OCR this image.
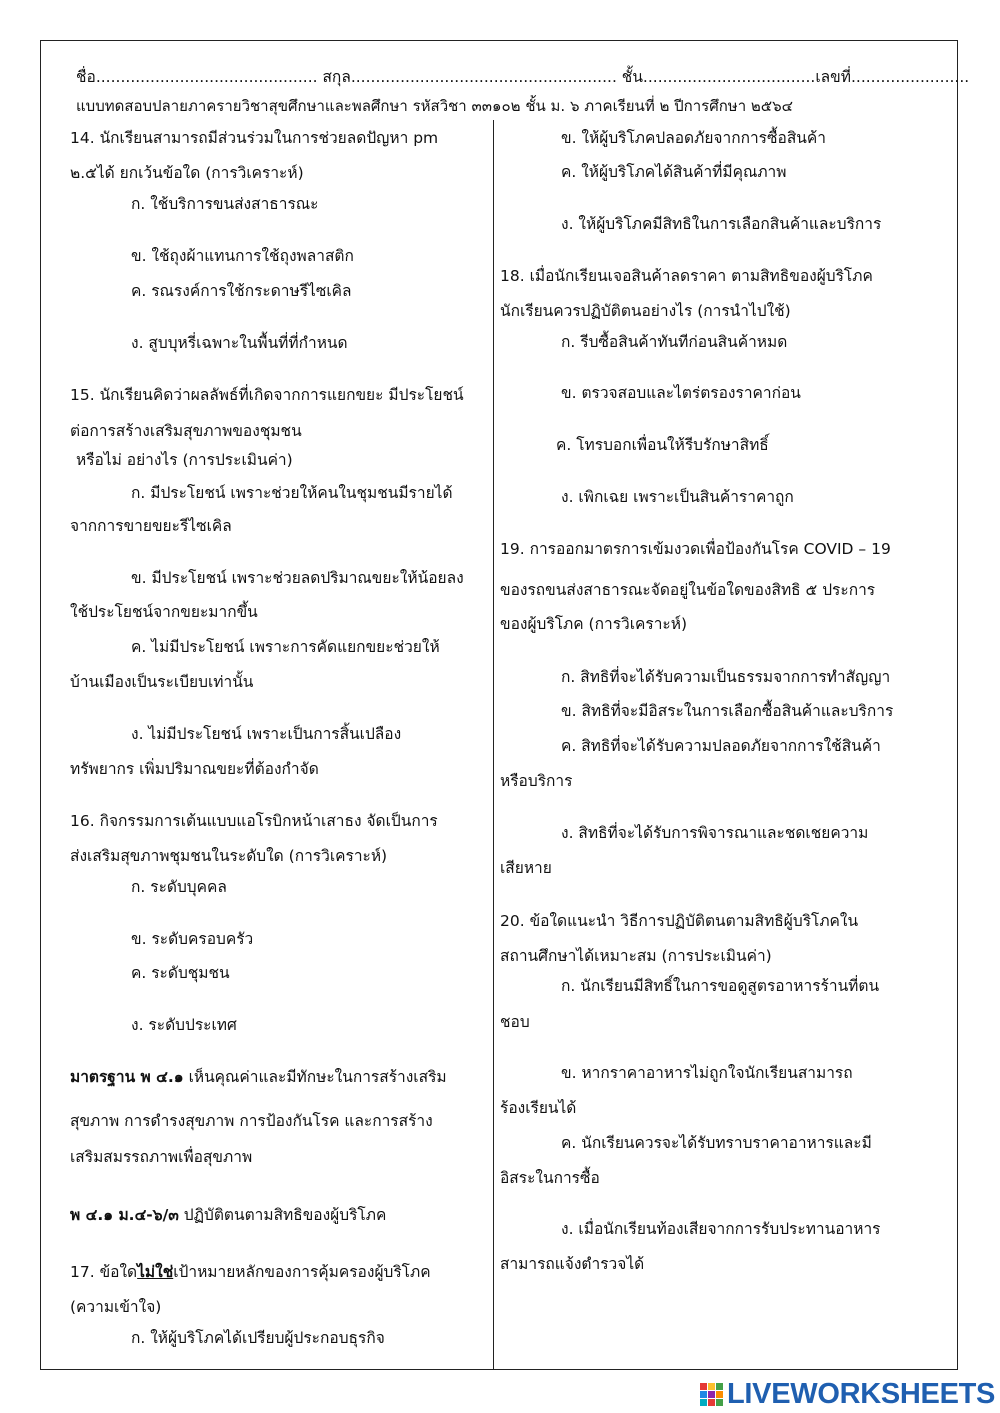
ชื่อ............................................. สกุล...................................................... ชั้น...................................เลขที่........................
แบบทดสอบปลายภาครายวิชาสุขศึกษาและพลศึกษา รหัสวิชา ๓๓๑๐๒ ชั้น ม. ๖ ภาคเรียนที่ ๒ ปีการศึกษา ๒๕๖๔
14. นักเรียนสามารถมีส่วนร่วมในการช่วยลดปัญหา pm
๒.๕ได้ ยกเว้นข้อใด (การวิเคราะห์)
ก. ใช้บริการขนส่งสาธารณะ
ข. ใช้ถุงผ้าแทนการใช้ถุงพลาสติก
ค. รณรงค์การใช้กระดาษรีไซเคิล
ง. สูบบุหรี่เฉพาะในพื้นที่ที่กำหนด
15. นักเรียนคิดว่าผลลัพธ์ที่เกิดจากการแยกขยะ มีประโยชน์
ต่อการสร้างเสริมสุขภาพของชุมชน
หรือไม่ อย่างไร (การประเมินค่า)
ก. มีประโยชน์ เพราะช่วยให้คนในชุมชนมีรายได้
จากการขายขยะรีไซเคิล
ข. มีประโยชน์ เพราะช่วยลดปริมาณขยะให้น้อยลง
ใช้ประโยชน์จากขยะมากขึ้น
ค. ไม่มีประโยชน์ เพราะการคัดแยกขยะช่วยให้
บ้านเมืองเป็นระเบียบเท่านั้น
ง. ไม่มีประโยชน์ เพราะเป็นการสิ้นเปลือง
ทรัพยากร เพิ่มปริมาณขยะที่ต้องกำจัด
16. กิจกรรมการเต้นแบบแอโรบิกหน้าเสาธง จัดเป็นการ
ส่งเสริมสุขภาพชุมชนในระดับใด (การวิเคราะห์)
ก. ระดับบุคคล
ข. ระดับครอบครัว
ค. ระดับชุมชน
ง. ระดับประเทศ
มาตรฐาน พ ๔.๑ เห็นคุณค่าและมีทักษะในการสร้างเสริม
สุขภาพ การดำรงสุขภาพ การป้องกันโรค และการสร้าง
เสริมสมรรถภาพเพื่อสุขภาพ
พ ๔.๑ ม.๔-๖/๓ ปฏิบัติตนตามสิทธิของผู้บริโภค
17. ข้อใดไม่ใช่เป้าหมายหลักของการคุ้มครองผู้บริโภค
(ความเข้าใจ)
ก. ให้ผู้บริโภคได้เปรียบผู้ประกอบธุรกิจ
ข. ให้ผู้บริโภคปลอดภัยจากการซื้อสินค้า
ค. ให้ผู้บริโภคได้สินค้าที่มีคุณภาพ
ง. ให้ผู้บริโภคมีสิทธิในการเลือกสินค้าและบริการ
18. เมื่อนักเรียนเจอสินค้าลดราคา ตามสิทธิของผู้บริโภค
นักเรียนควรปฏิบัติตนอย่างไร (การนำไปใช้)
ก. รีบซื้อสินค้าทันทีก่อนสินค้าหมด
ข. ตรวจสอบและไตร่ตรองราคาก่อน
ค. โทรบอกเพื่อนให้รีบรักษาสิทธิ์
ง. เพิกเฉย เพราะเป็นสินค้าราคาถูก
19. การออกมาตรการเข้มงวดเพื่อป้องกันโรค COVID – 19
ของรถขนส่งสาธารณะจัดอยู่ในข้อใดของสิทธิ ๕ ประการ
ของผู้บริโภค (การวิเคราะห์)
ก. สิทธิที่จะได้รับความเป็นธรรมจากการทำสัญญา
ข. สิทธิที่จะมีอิสระในการเลือกซื้อสินค้าและบริการ
ค. สิทธิที่จะได้รับความปลอดภัยจากการใช้สินค้า
หรือบริการ
ง. สิทธิที่จะได้รับการพิจารณาและชดเชยความ
เสียหาย
20. ข้อใดแนะนำ วิธีการปฏิบัติตนตามสิทธิผู้บริโภคใน
สถานศึกษาได้เหมาะสม (การประเมินค่า)
ก. นักเรียนมีสิทธิ์ในการขอดูสูตรอาหารร้านที่ตน
ชอบ
ข. หากราคาอาหารไม่ถูกใจนักเรียนสามารถ
ร้องเรียนได้
ค. นักเรียนควรจะได้รับทราบราคาอาหารและมี
อิสระในการซื้อ
ง. เมื่อนักเรียนท้องเสียจากการรับประทานอาหาร
สามารถแจ้งตำรวจได้
LIVEWORKSHEETS
